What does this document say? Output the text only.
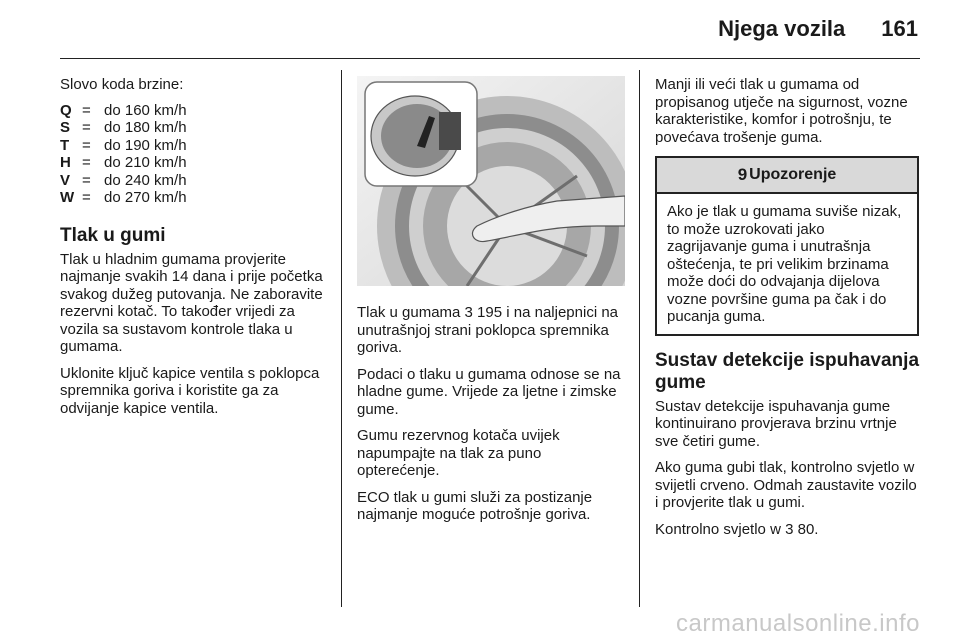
Njega vozila 161

Slovo koda brzine:

Q = do 160 km/h
S = do 180 km/h
T = do 190 km/h
H = do 210 km/h
V = do 240 km/h
W = do 270 km/h
Tlak u gumi

Tlak u hladnim gumama provjerite najmanje svakih 14 dana i prije početka svakog dužeg putovanja. Ne zaboravite rezervni kotač. To također vrijedi za vozila sa sustavom kontrole tlaka u gumama.

Uklonite ključ kapice ventila s poklopca spremnika goriva i koristite ga za odvijanje kapice ventila.

Tlak u gumama 3 195 i na naljepnici na unutrašnjoj strani poklopca spremnika goriva.

Podaci o tlaku u gumama odnose se na hladne gume. Vrijede za ljetne i zimske gume.

Gumu rezervnog kotača uvijek napumpajte na tlak za puno opterećenje.

ECO tlak u gumi služi za postizanje najmanje moguće potrošnje goriva.

Manji ili veći tlak u gumama od propisanog utječe na sigurnost, vozne karakteristike, komfor i potrošnju, te povećava trošenje guma.

9 Upozorenje

Ako je tlak u gumama suviše nizak, to može uzrokovati jako zagrijavanje guma i unutrašnja oštećenja, te pri velikim brzinama može doći do odvajanja dijelova vozne površine guma pa čak i do pucanja guma.

Sustav detekcije ispuhavanja gume

Sustav detekcije ispuhavanja gume kontinuirano provjerava brzinu vrtnje sve četiri gume.

Ako guma gubi tlak, kontrolno svjetlo w svijetli crveno. Odmah zaustavite vozilo i provjerite tlak u gumi.

Kontrolno svjetlo w 3 80.

carmanualsonline.info
